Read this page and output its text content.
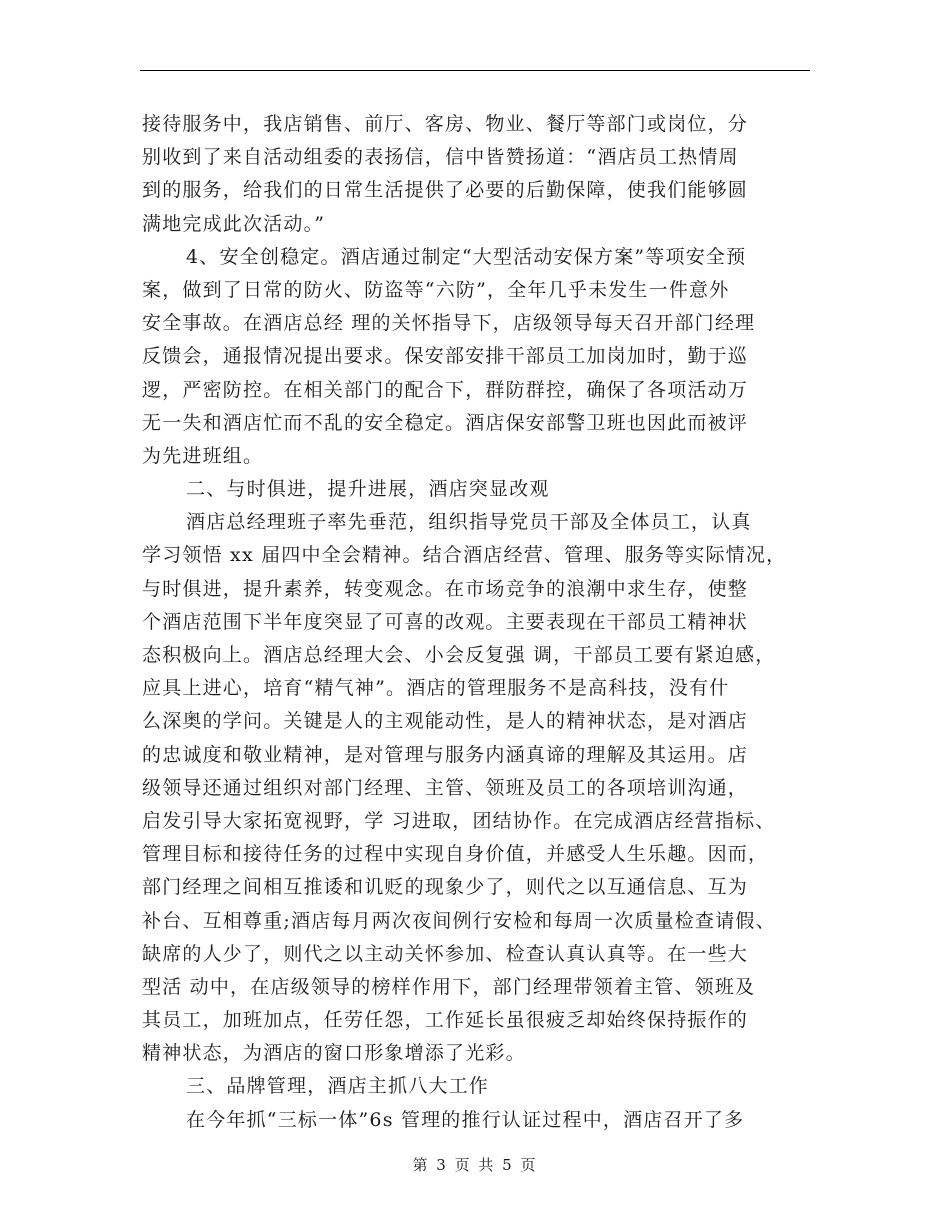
接待服务中，我店销售、前厅、客房、物业、餐厅等部门或岗位，分
别收到了来自活动组委的表扬信，信中皆赞扬道：“酒店员工热情周
到的服务，给我们的日常生活提供了必要的后勤保障，使我们能够圆
满地完成此次活动。”
4、安全创稳定。酒店通过制定“大型活动安保方案”等项安全预
案，做到了日常的防火、防盗等“六防”，全年几乎未发生一件意外
安全事故。在酒店总经 理的关怀指导下，店级领导每天召开部门经理
反馈会，通报情况提出要求。保安部安排干部员工加岗加时，勤于巡
逻，严密防控。在相关部门的配合下，群防群控，确保了各项活动万
无一失和酒店忙而不乱的安全稳定。酒店保安部警卫班也因此而被评
为先进班组。
二、与时俱进，提升进展，酒店突显改观
酒店总经理班子率先垂范，组织指导党员干部及全体员工，认真
学习领悟 xx 届四中全会精神。结合酒店经营、管理、服务等实际情况，
与时俱进，提升素养，转变观念。在市场竞争的浪潮中求生存，使整
个酒店范围下半年度突显了可喜的改观。主要表现在干部员工精神状
态积极向上。酒店总经理大会、小会反复强 调，干部员工要有紧迫感，
应具上进心，培育“精气神”。酒店的管理服务不是高科技，没有什
么深奥的学问。关键是人的主观能动性，是人的精神状态，是对酒店
的忠诚度和敬业精神，是对管理与服务内涵真谛的理解及其运用。店
级领导还通过组织对部门经理、主管、领班及员工的各项培训沟通，
启发引导大家拓宽视野，学 习进取，团结协作。在完成酒店经营指标、
管理目标和接待任务的过程中实现自身价值，并感受人生乐趣。因而，
部门经理之间相互推诿和讥贬的现象少了，则代之以互通信息、互为
补台、互相尊重;酒店每月两次夜间例行安检和每周一次质量检查请假、
缺席的人少了，则代之以主动关怀参加、检查认真认真等。在一些大
型活 动中，在店级领导的榜样作用下，部门经理带领着主管、领班及
其员工，加班加点，任劳任怨，工作延长虽很疲乏却始终保持振作的
精神状态，为酒店的窗口形象增添了光彩。
三、品牌管理，酒店主抓八大工作
在今年抓“三标一体”6s 管理的推行认证过程中，酒店召开了多
第 3 页 共 5 页
